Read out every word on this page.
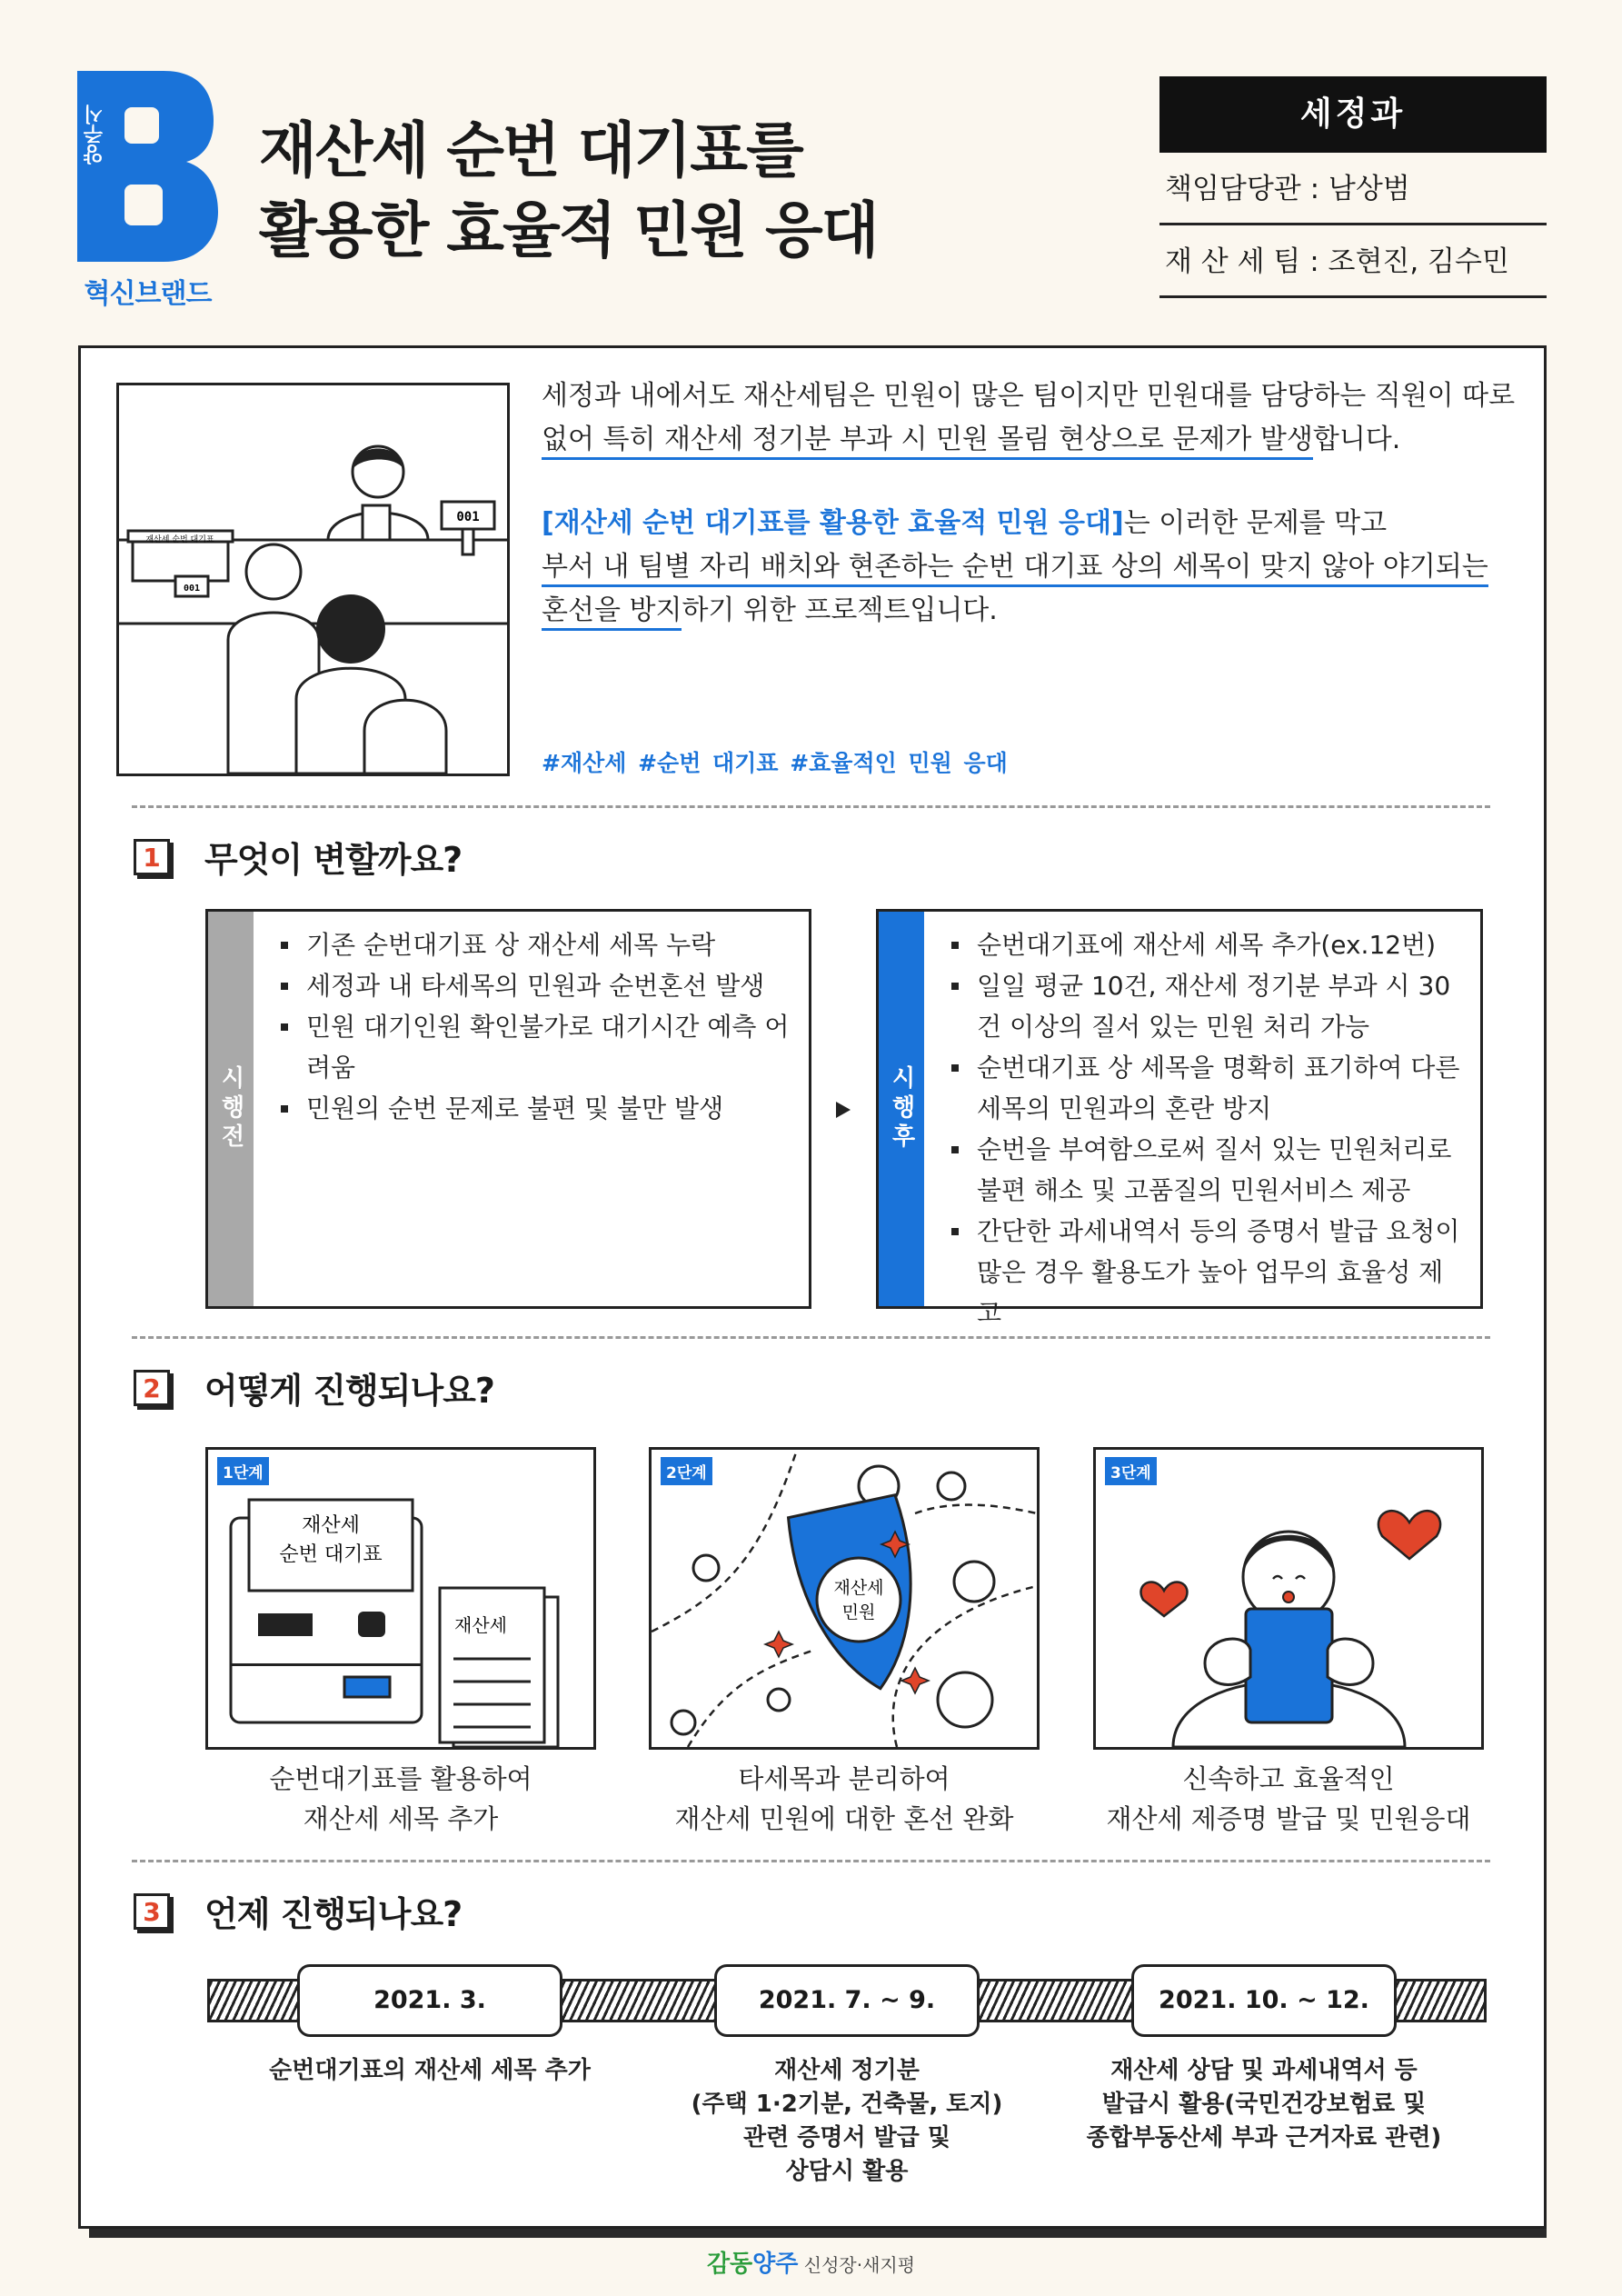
양주시
혁신브랜드
재산세 순번 대기표를
활용한 효율적 민원 응대
세정과
책임담당관 : 남상범
재 산 세 팀 : 조현진, 김수민
001
재산세 순번 대기표
001

세정과 내에서도 재산세팀은 민원이 많은 팀이지만 민원대를 담당하는 직원이 따로 없어 특히 재산세 정기분 부과 시 민원 몰림 현상으로 문제가 발생합니다.

[재산세 순번 대기표를 활용한 효율적 민원 응대]는 이러한 문제를 막고
부서 내 팀별 자리 배치와 현존하는 순번 대기표 상의 세목이 맞지 않아 야기되는
혼선을 방지하기 위한 프로젝트입니다.

#재산세 #순번 대기표 #효율적인 민원 응대
1 무엇이 변할까요?
시행전
기존 순번대기표 상 재산세 세목 누락
세정과 내 타세목의 민원과 순번혼선 발생
민원 대기인원 확인불가로 대기시간 예측 어려움
민원의 순번 문제로 불편 및 불만 발생	시행후
순번대기표에 재산세 세목 추가(ex.12번)
일일 평균 10건, 재산세 정기분 부과 시 30건 이상의 질서 있는 민원 처리 가능
순번대기표 상 세목을 명확히 표기하여 다른 세목의 민원과의 혼란 방지
순번을 부여함으로써 질서 있는 민원처리로 불편 해소 및 고품질의 민원서비스 제공
간단한 과세내역서 등의 증명서 발급 요청이 많은 경우 활용도가 높아 업무의 효율성 제고
2 어떻게 진행되나요?
1단계
재산세
순번 대기표
재산세
순번대기표를 활용하여
재산세 세목 추가
2단계
재산세
민원
타세목과 분리하여
재산세 민원에 대한 혼선 완화
3단계
신속하고 효율적인
재산세 제증명 발급 및 민원응대
3 언제 진행되나요?
2021. 3.	2021. 7. ~ 9.	2021. 10. ~ 12.
순번대기표의 재산세 세목 추가	재산세 정기분
(주택 1·2기분, 건축물, 토지)
관련 증명서 발급 및
상담시 활용
재산세 상담 및 과세내역서 등
발급시 활용(국민건강보험료 및
종합부동산세 부과 근거자료 관련)
감동양주 신성장·새지평
